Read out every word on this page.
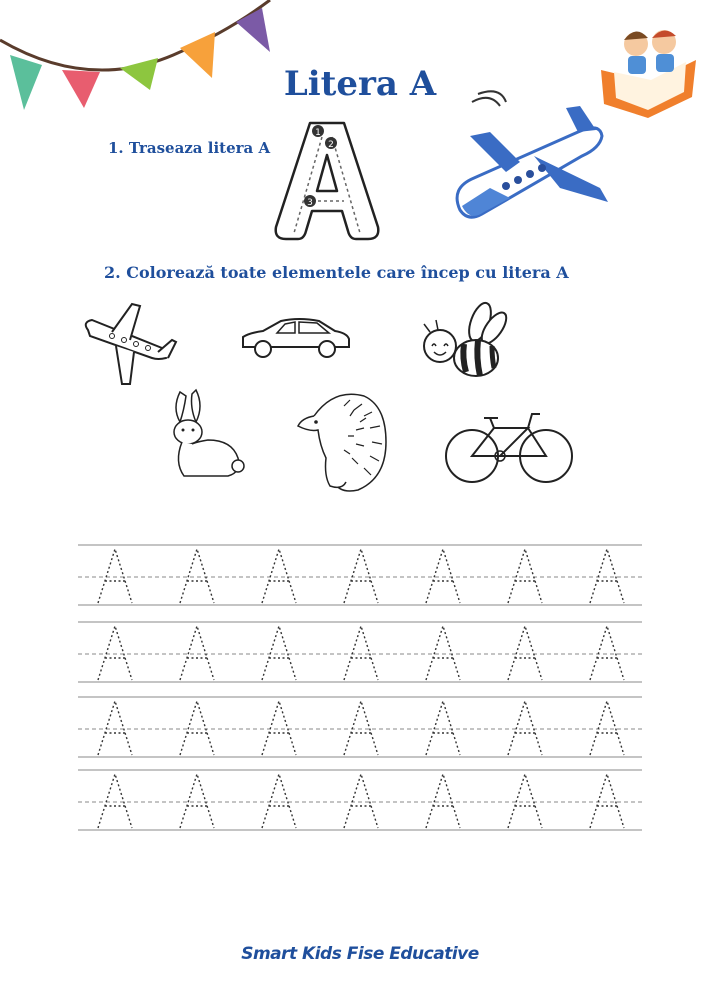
Litera A
1. Traseaza litera A
1
2
3
2. Colorează toate elementele care încep cu litera A
Smart Kids Fise Educative
